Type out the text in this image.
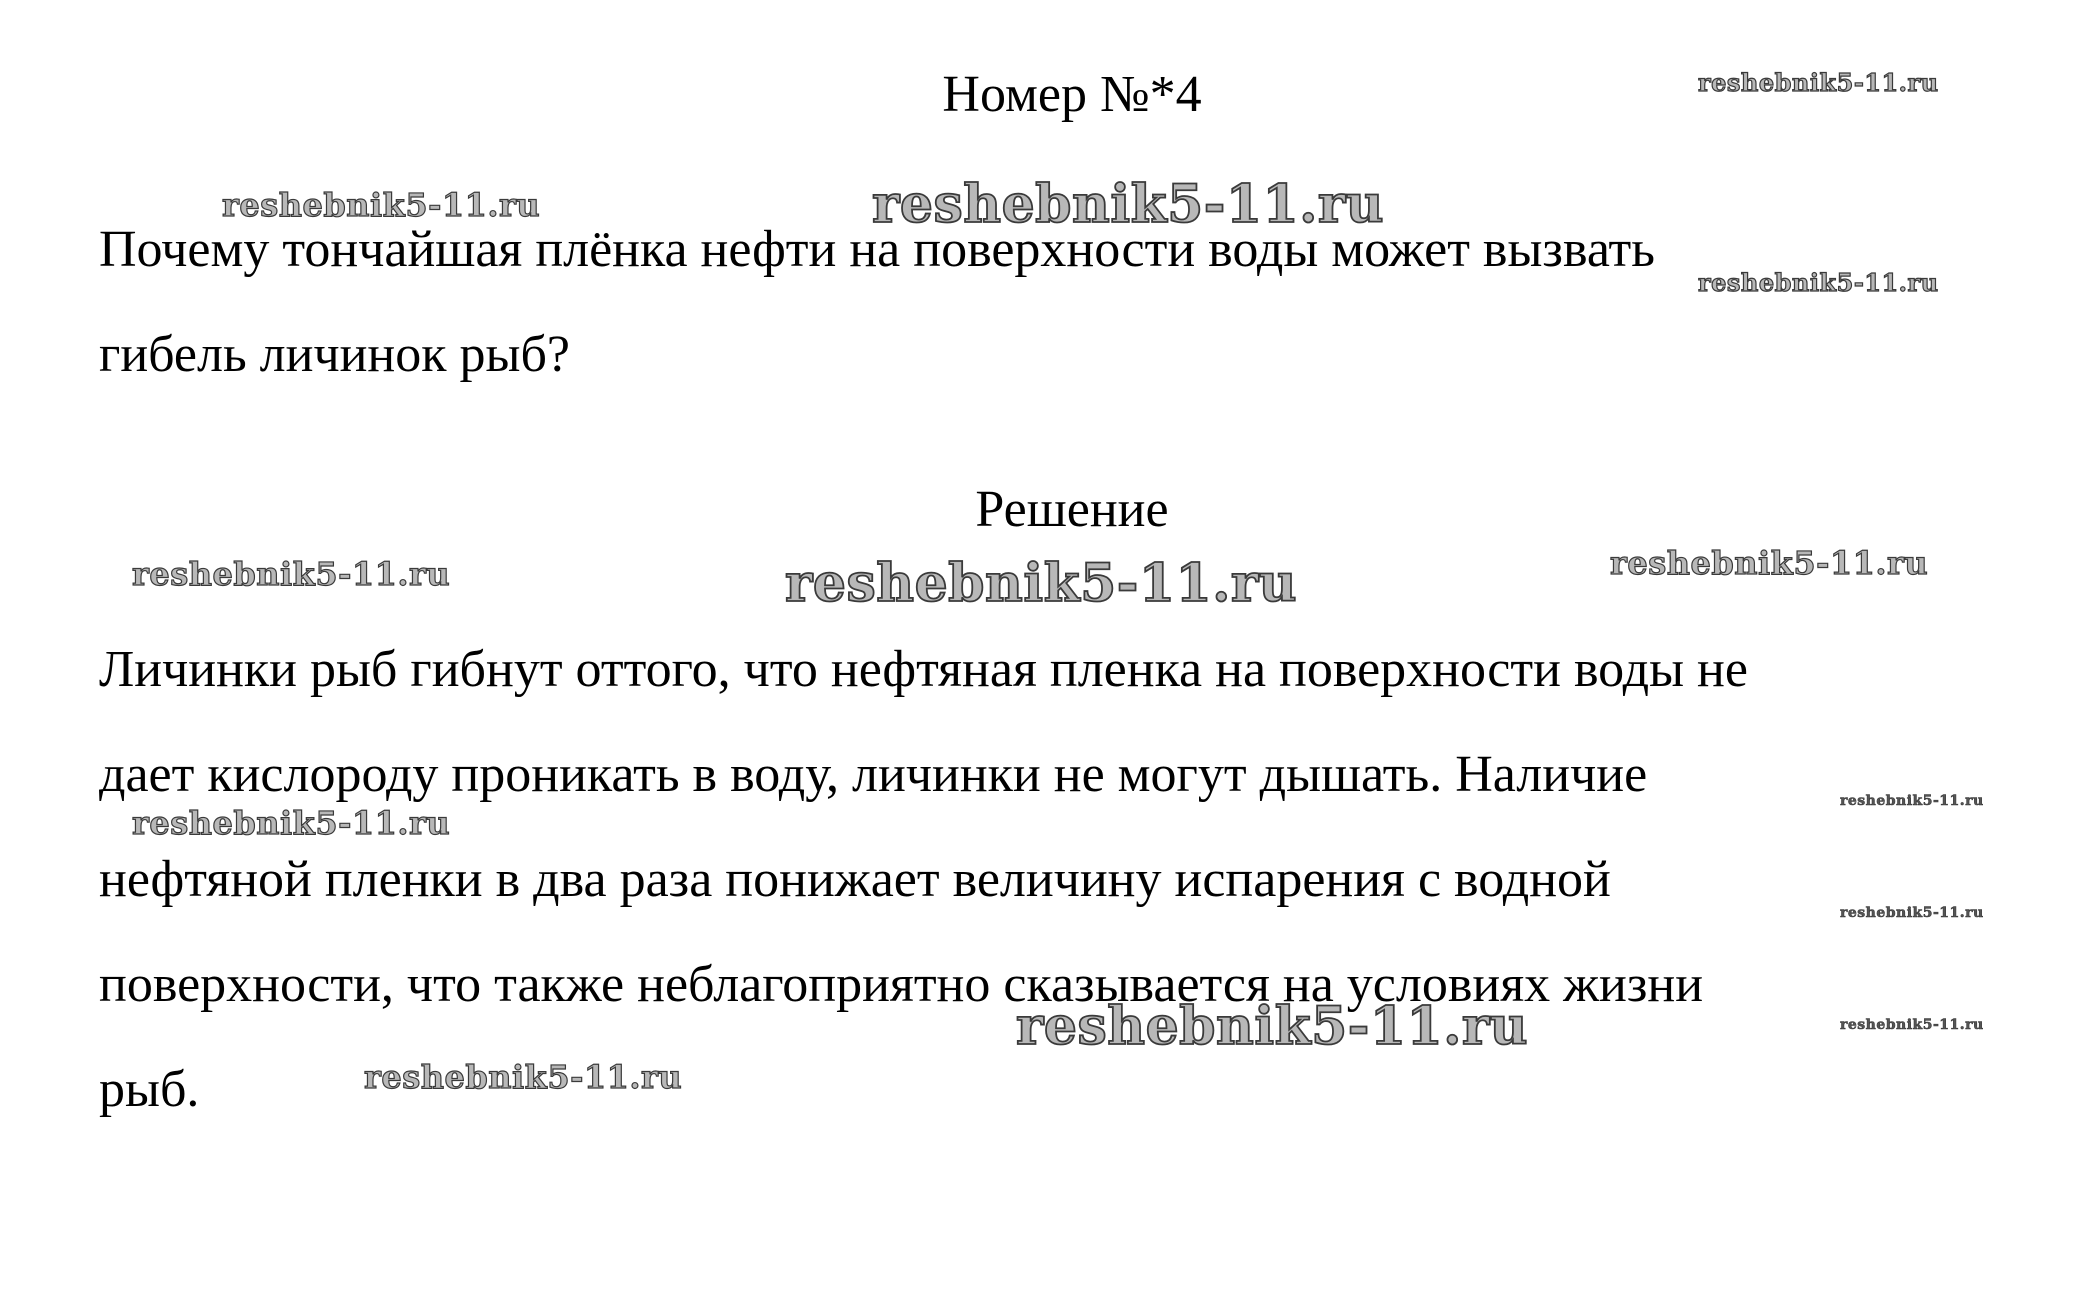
Номер №*4
Почему тончайшая плёнка нефти на поверхности воды может вызвать
гибель личинок рыб?
Решение
Личинки рыб гибнут оттого, что нефтяная пленка на поверхности воды не
дает кислороду проникать в воду, личинки не могут дышать. Наличие
нефтяной пленки в два раза понижает величину испарения с водной
поверхности, что также неблагоприятно сказывается на условиях жизни
рыб.
reshebnik5-11.ru
reshebnik5-11.ru	reshebnik5-11.ru
reshebnik5-11.ru
reshebnik5-11.ru	reshebnik5-11.ru	reshebnik5-11.ru
reshebnik5-11.ru
reshebnik5-11.ru
reshebnik5-11.ru
reshebnik5-11.ru	reshebnik5-11.ru
reshebnik5-11.ru
